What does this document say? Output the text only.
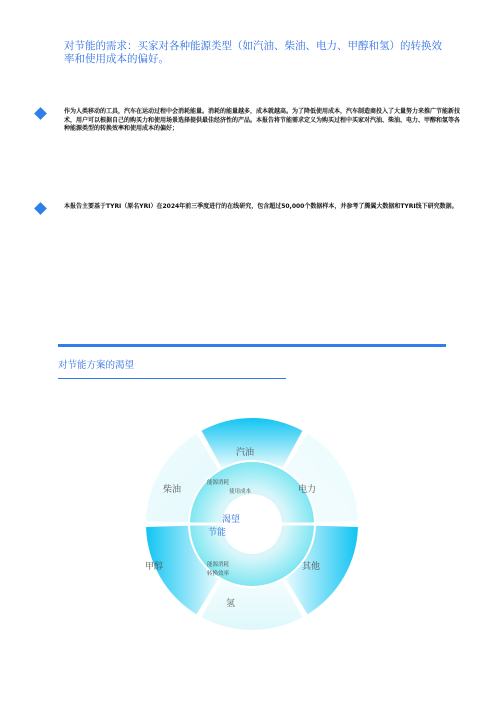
对节能的需求：买家对各种能源类型（如汽油、柴油、电力、甲醇和氢）的转换效率和使用成本的偏好。
作为人类移动的工具，汽车在运动过程中会消耗能量。消耗的能量越多，成本就越高。为了降低使用成本，汽车制造商投入了大量努力来推广节能新技术，用户可以根据自己的购买力和使用场景选择提供最佳经济性的产品。本报告将节能需求定义为购买过程中买家对汽油、柴油、电力、甲醇和氢等各种能源类型的转换效率和使用成本的偏好；
本报告主要基于TYRI（原名YRI）在2024年前三季度进行的在线研究，包含超过50,000个数据样本，并参考了腾翼大数据和TYRI线下研究数据。
对节能方案的渴望
汽油
电力
其他
氢
甲醇
柴油
能源消耗
使用成本
能源消耗
转换效率
渴望
节能
